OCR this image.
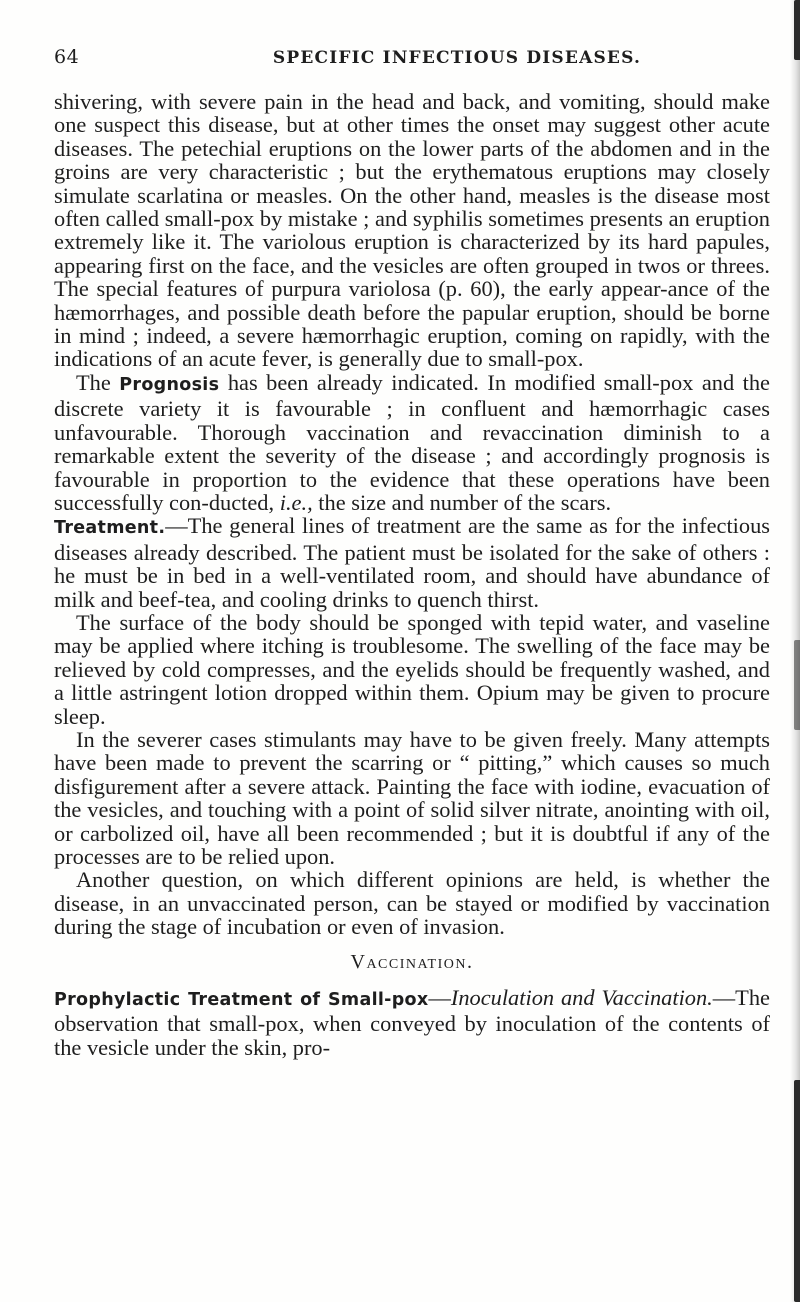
64	SPECIFIC INFECTIOUS DISEASES.

shivering, with severe pain in the head and back, and vomiting, should make one suspect this disease, but at other times the onset may suggest other acute diseases. The petechial eruptions on the lower parts of the abdomen and in the groins are very characteristic ; but the erythematous eruptions may closely simulate scarlatina or measles. On the other hand, measles is the disease most often called small-pox by mistake ; and syphilis sometimes presents an eruption extremely like it. The variolous eruption is characterized by its hard papules, appearing first on the face, and the vesicles are often grouped in twos or threes. The special features of purpura variolosa (p. 60), the early appear-ance of the hæmorrhages, and possible death before the papular eruption, should be borne in mind ; indeed, a severe hæmorrhagic eruption, coming on rapidly, with the indications of an acute fever, is generally due to small-pox.

The Prognosis has been already indicated. In modified small-pox and the discrete variety it is favourable ; in confluent and hæmorrhagic cases unfavourable. Thorough vaccination and revaccination diminish to a remarkable extent the severity of the disease ; and accordingly prognosis is favourable in proportion to the evidence that these operations have been successfully con-ducted, i.e., the size and number of the scars.

Treatment.—The general lines of treatment are the same as for the infectious diseases already described. The patient must be isolated for the sake of others : he must be in bed in a well-ventilated room, and should have abundance of milk and beef-tea, and cooling drinks to quench thirst.

The surface of the body should be sponged with tepid water, and vaseline may be applied where itching is troublesome. The swelling of the face may be relieved by cold compresses, and the eyelids should be frequently washed, and a little astringent lotion dropped within them. Opium may be given to procure sleep.

In the severer cases stimulants may have to be given freely. Many attempts have been made to prevent the scarring or “ pitting,” which causes so much disfigurement after a severe attack. Painting the face with iodine, evacuation of the vesicles, and touching with a point of solid silver nitrate, anointing with oil, or carbolized oil, have all been recommended ; but it is doubtful if any of the processes are to be relied upon.

Another question, on which different opinions are held, is whether the disease, in an unvaccinated person, can be stayed or modified by vaccination during the stage of incubation or even of invasion.

Vaccination.

Prophylactic Treatment of Small-pox—Inoculation and Vaccination.—The observation that small-pox, when conveyed by inoculation of the contents of the vesicle under the skin, pro-
